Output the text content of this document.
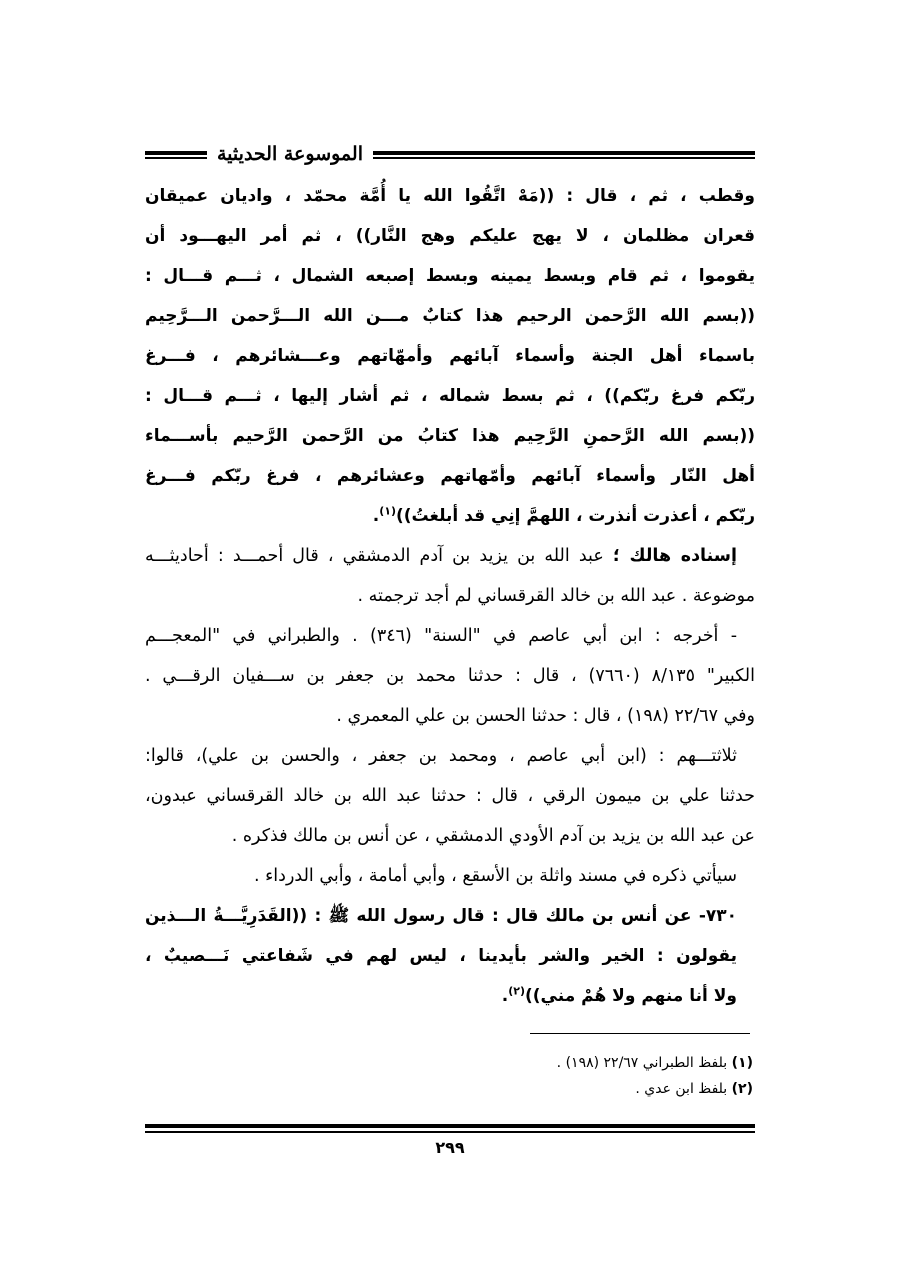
الموسوعة الحديثية
وقطب ، ثم ، قال : ((مَهْ اتَّقُوا الله يا أُمَّة محمّد ، واديان عميقان
قعران مظلمان ، لا يهج عليكم وهج النَّار)) ، ثم أمر اليهـــود أن
يقوموا ، ثم قام وبسط يمينه وبسط إصبعه الشمال ، ثـــم قـــال :
((بسم الله الرَّحمن الرحيم هذا كتابٌ مـــن الله الـــرَّحمن الـــرَّحِيم
باسماء أهل الجنة وأسماء آبائهم وأمهّاتهم وعـــشائرهم ، فـــرغ
ربّكم فرغ ربّكم)) ، ثم بسط شماله ، ثم أشار إليها ، ثـــم قـــال :
((بسم الله الرَّحمنِ الرَّحِيم هذا كتابُ من الرَّحمن الرَّحيم بأســـماء
أهل النّار وأسماء آبائهم وأمّهاتهم وعشائرهم ، فرغ ربّكم فـــرغ
ربّكم ، أعذرت أنذرت ، اللهمَّ إنِي قد أبلغتُ))$^{(١)}$.
إسناده هالك ؛ عبد الله بن يزيد بن آدم الدمشقي ، قال أحمـــد : أحاديثـــه
موضوعة . عبد الله بن خالد القرقساني لم أجد ترجمته .
- أخرجه : ابن أبي عاصم في "السنة" (٣٤٦) . والطبراني في "المعجـــم
الكبير" ٨/١٣٥ (٧٦٦٠) ، قال : حدثنا محمد بن جعفر بن ســـفيان الرقـــي .
وفي ٢٢/٦٧ (١٩٨) ، قال : حدثنا الحسن بن علي المعمري .
ثلاثتـــهم : (ابن أبي عاصم ، ومحمد بن جعفر ، والحسن بن علي)، قالوا:
حدثنا علي بن ميمون الرقي ، قال : حدثنا عبد الله بن خالد القرقساني عبدون،
عن عبد الله بن يزيد بن آدم الأودي الدمشقي ، عن أنس بن مالك فذكره .
سيأتي ذكره في مسند واثلة بن الأسقع ، وأبي أمامة ، وأبي الدرداء .
٧٣٠- عن أنس بن مالك قال : قال رسول الله ﷺ : ((القَدَرِيَّـــةُ الـــذين
يقولون : الخير والشر بأيدينا ، ليس لهم في شَفاعتي نَـــصيبٌ ،
ولا أنا منهم ولا هُمْ مني))$^{(٢)}$.
(١) بلفظ الطبراني ٢٢/٦٧ (١٩٨) .
(٢) بلفظ ابن عدي .
٢٩٩
